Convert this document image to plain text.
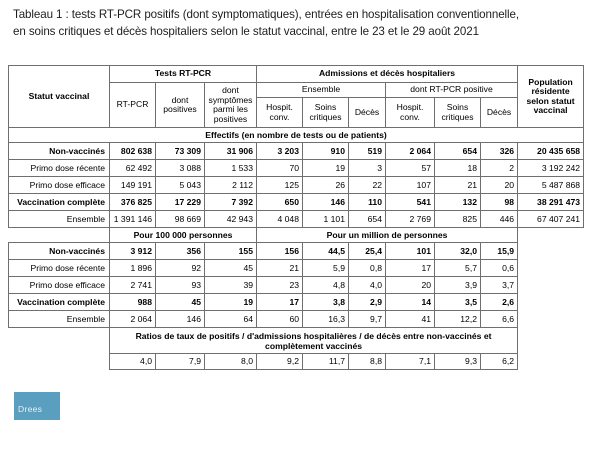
Tableau 1 : tests RT-PCR positifs (dont symptomatiques), entrées en hospitalisation conventionnelle,
en soins critiques et décès hospitaliers selon le statut vaccinal, entre le 23 et le 29 août 2021
Statut vaccinal	Tests RT-PCR			Admissions et décès hospitaliers						Population résidente selon statut vaccinal
	RT-PCR	dont positives	dont symptômes parmi les positives	Ensemble			dont RT-PCR positive			
				Hospit. conv.	Soins critiques	Décès	Hospit. conv.	Soins critiques	Décès	
Effectifs (en nombre de tests ou de patients)										
Non-vaccinés	802 638	73 309	31 906	3 203	910	519	2 064	654	326	20 435 658
Primo dose récente	62 492	3 088	1 533	70	19	3	57	18	2	3 192 242
Primo dose efficace	149 191	5 043	2 112	125	26	22	107	21	20	5 487 868
Vaccination complète	376 825	17 229	7 392	650	146	110	541	132	98	38 291 473
Ensemble	1 391 146	98 669	42 943	4 048	1 101	654	2 769	825	446	67 407 241
	Pour 100 000 personnes			Pour un million de personnes						
Non-vaccinés	3 912	356	155	156	44,5	25,4	101	32,0	15,9	
Primo dose récente	1 896	92	45	21	5,9	0,8	17	5,7	0,6	
Primo dose efficace	2 741	93	39	23	4,8	4,0	20	3,9	3,7	
Vaccination complète	988	45	19	17	3,8	2,9	14	3,5	2,6	
Ensemble	2 064	146	64	60	16,3	9,7	41	12,2	6,6	
	Ratios de taux de positifs / d'admissions hospitalières / de décès entre non-vaccinés et complètement vaccinés									
	4,0	7,9	8,0	9,2	11,7	8,8	7,1	9,3	6,2	
Drees
